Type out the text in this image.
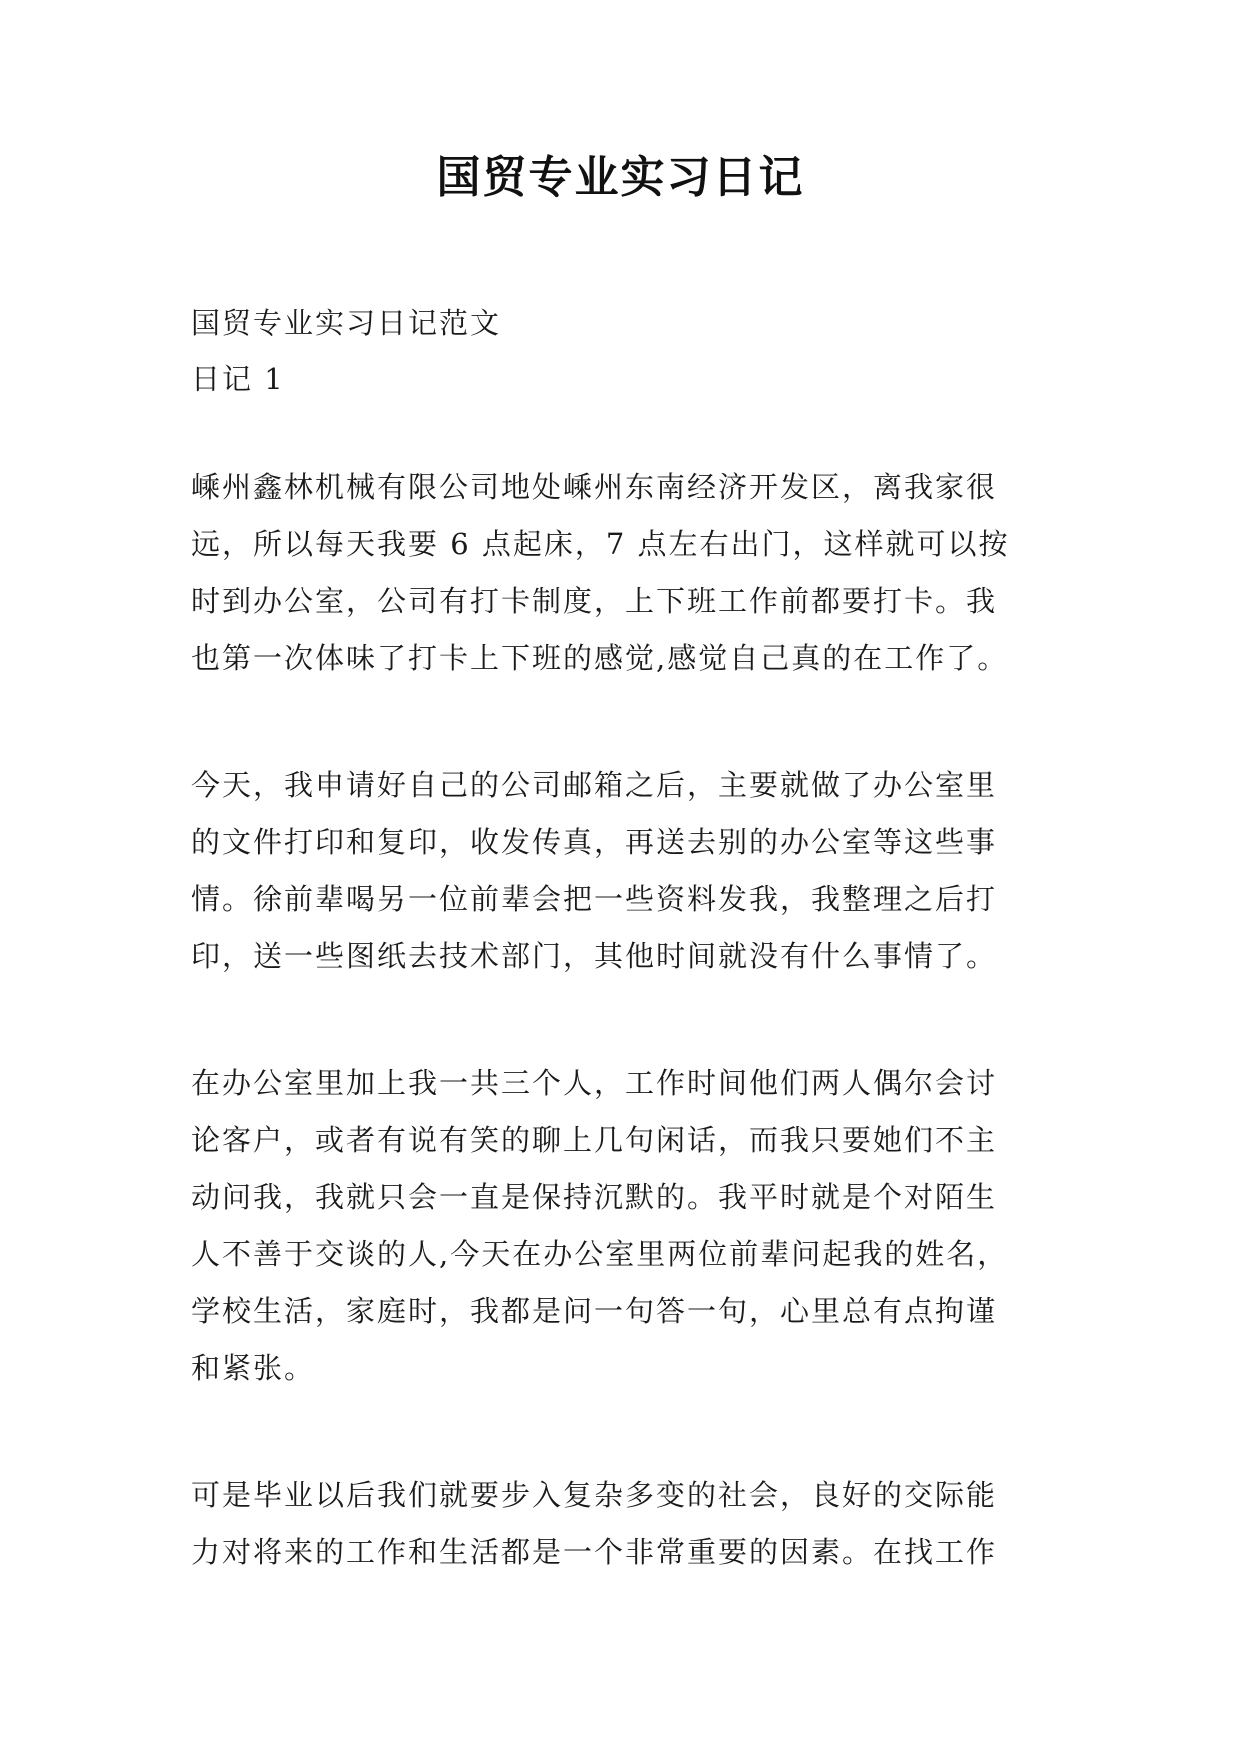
国贸专业实习日记
国贸专业实习日记范文
日记 1
嵊州鑫林机械有限公司地处嵊州东南经济开发区，离我家很
远，所以每天我要 6 点起床，7 点左右出门，这样就可以按
时到办公室，公司有打卡制度，上下班工作前都要打卡。我
也第一次体味了打卡上下班的感觉,感觉自己真的在工作了。
今天，我申请好自己的公司邮箱之后，主要就做了办公室里
的文件打印和复印，收发传真，再送去别的办公室等这些事
情。徐前辈喝另一位前辈会把一些资料发我，我整理之后打
印，送一些图纸去技术部门，其他时间就没有什么事情了。
在办公室里加上我一共三个人，工作时间他们两人偶尔会讨
论客户，或者有说有笑的聊上几句闲话，而我只要她们不主
动问我，我就只会一直是保持沉默的。我平时就是个对陌生
人不善于交谈的人,今天在办公室里两位前辈问起我的姓名，
学校生活，家庭时，我都是问一句答一句，心里总有点拘谨
和紧张。
可是毕业以后我们就要步入复杂多变的社会，良好的交际能
力对将来的工作和生活都是一个非常重要的因素。在找工作
